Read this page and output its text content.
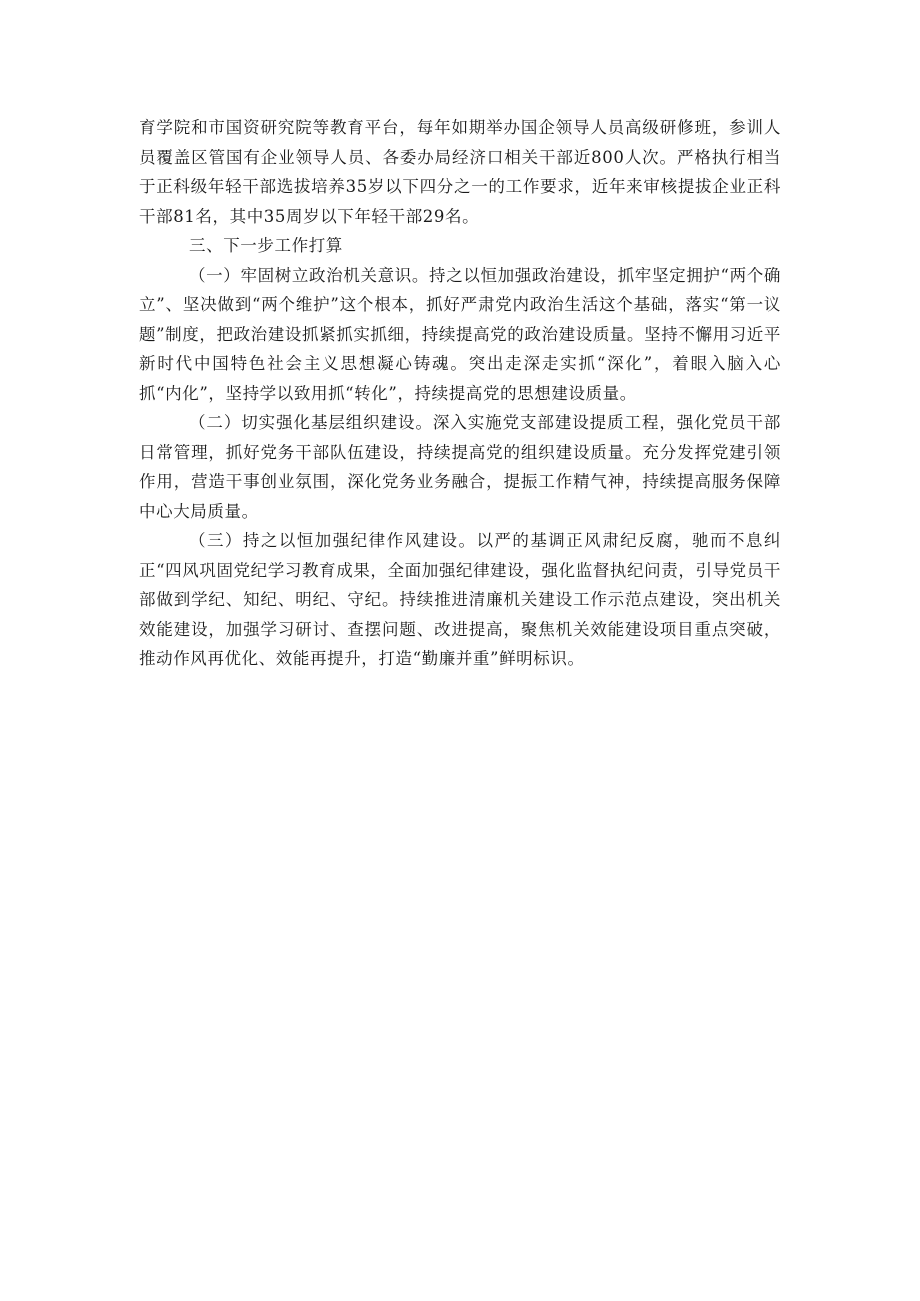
育学院和市国资研究院等教育平台，每年如期举办国企领导人员高级研修班，参训人员覆盖区管国有企业领导人员、各委办局经济口相关干部近800人次。严格执行相当于正科级年轻干部选拔培养35岁以下四分之一的工作要求，近年来审核提拔企业正科干部81名，其中35周岁以下年轻干部29名。

三、下一步工作打算

（一）牢固树立政治机关意识。持之以恒加强政治建设，抓牢坚定拥护“两个确立”、坚决做到“两个维护”这个根本，抓好严肃党内政治生活这个基础，落实“第一议题”制度，把政治建设抓紧抓实抓细，持续提高党的政治建设质量。坚持不懈用习近平新时代中国特色社会主义思想凝心铸魂。突出走深走实抓“深化”，着眼入脑入心抓“内化”，坚持学以致用抓“转化”，持续提高党的思想建设质量。

（二）切实强化基层组织建设。深入实施党支部建设提质工程，强化党员干部日常管理，抓好党务干部队伍建设，持续提高党的组织建设质量。充分发挥党建引领作用，营造干事创业氛围，深化党务业务融合，提振工作精气神，持续提高服务保障中心大局质量。

（三）持之以恒加强纪律作风建设。以严的基调正风肃纪反腐，驰而不息纠正“四风巩固党纪学习教育成果，全面加强纪律建设，强化监督执纪问责，引导党员干部做到学纪、知纪、明纪、守纪。持续推进清廉机关建设工作示范点建设，突出机关效能建设，加强学习研讨、查摆问题、改进提高，聚焦机关效能建设项目重点突破，推动作风再优化、效能再提升，打造“勤廉并重”鲜明标识。
